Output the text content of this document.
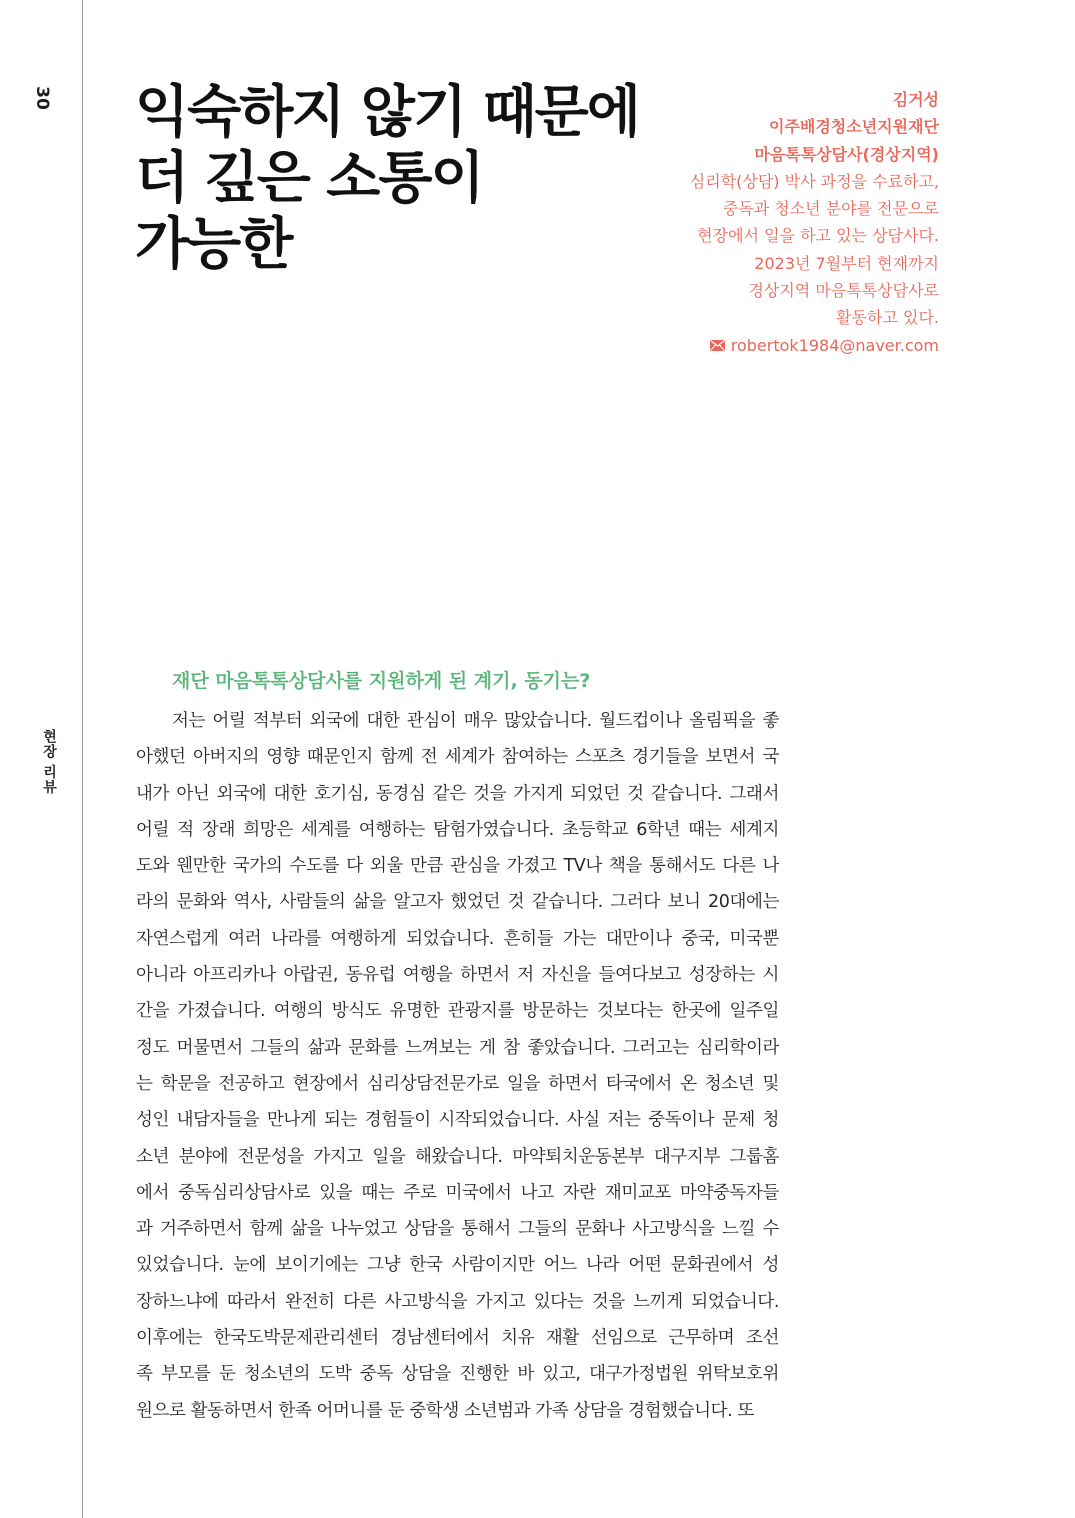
30
현장 리뷰
익숙하지 않기 때문에
더 깊은 소통이
가능한
김거성
이주배경청소년지원재단
마음톡톡상담사(경상지역)
심리학(상담) 박사 과정을 수료하고,
중독과 청소년 분야를 전문으로
현장에서 일을 하고 있는 상담사다.
2023년 7월부터 현재까지
경상지역 마음톡톡상담사로
활동하고 있다.
robertok1984@naver.com
재단 마음톡톡상담사를 지원하게 된 계기, 동기는?
저는 어릴 적부터 외국에 대한 관심이 매우 많았습니다. 월드컵이나 올림픽을 좋
아했던 아버지의 영향 때문인지 함께 전 세계가 참여하는 스포츠 경기들을 보면서 국
내가 아닌 외국에 대한 호기심, 동경심 같은 것을 가지게 되었던 것 같습니다. 그래서
어릴 적 장래 희망은 세계를 여행하는 탐험가였습니다. 초등학교 6학년 때는 세계지
도와 웬만한 국가의 수도를 다 외울 만큼 관심을 가졌고 TV나 책을 통해서도 다른 나
라의 문화와 역사, 사람들의 삶을 알고자 했었던 것 같습니다. 그러다 보니 20대에는
자연스럽게 여러 나라를 여행하게 되었습니다. 흔히들 가는 대만이나 중국, 미국뿐
아니라 아프리카나 아랍권, 동유럽 여행을 하면서 저 자신을 들여다보고 성장하는 시
간을 가졌습니다. 여행의 방식도 유명한 관광지를 방문하는 것보다는 한곳에 일주일
정도 머물면서 그들의 삶과 문화를 느껴보는 게 참 좋았습니다. 그러고는 심리학이라
는 학문을 전공하고 현장에서 심리상담전문가로 일을 하면서 타국에서 온 청소년 및
성인 내담자들을 만나게 되는 경험들이 시작되었습니다. 사실 저는 중독이나 문제 청
소년 분야에 전문성을 가지고 일을 해왔습니다. 마약퇴치운동본부 대구지부 그룹홈
에서 중독심리상담사로 있을 때는 주로 미국에서 나고 자란 재미교포 마약중독자들
과 거주하면서 함께 삶을 나누었고 상담을 통해서 그들의 문화나 사고방식을 느낄 수
있었습니다. 눈에 보이기에는 그냥 한국 사람이지만 어느 나라 어떤 문화권에서 성
장하느냐에 따라서 완전히 다른 사고방식을 가지고 있다는 것을 느끼게 되었습니다.
이후에는 한국도박문제관리센터 경남센터에서 치유 재활 선임으로 근무하며 조선
족 부모를 둔 청소년의 도박 중독 상담을 진행한 바 있고, 대구가정법원 위탁보호위
원으로 활동하면서 한족 어머니를 둔 중학생 소년범과 가족 상담을 경험했습니다. 또
